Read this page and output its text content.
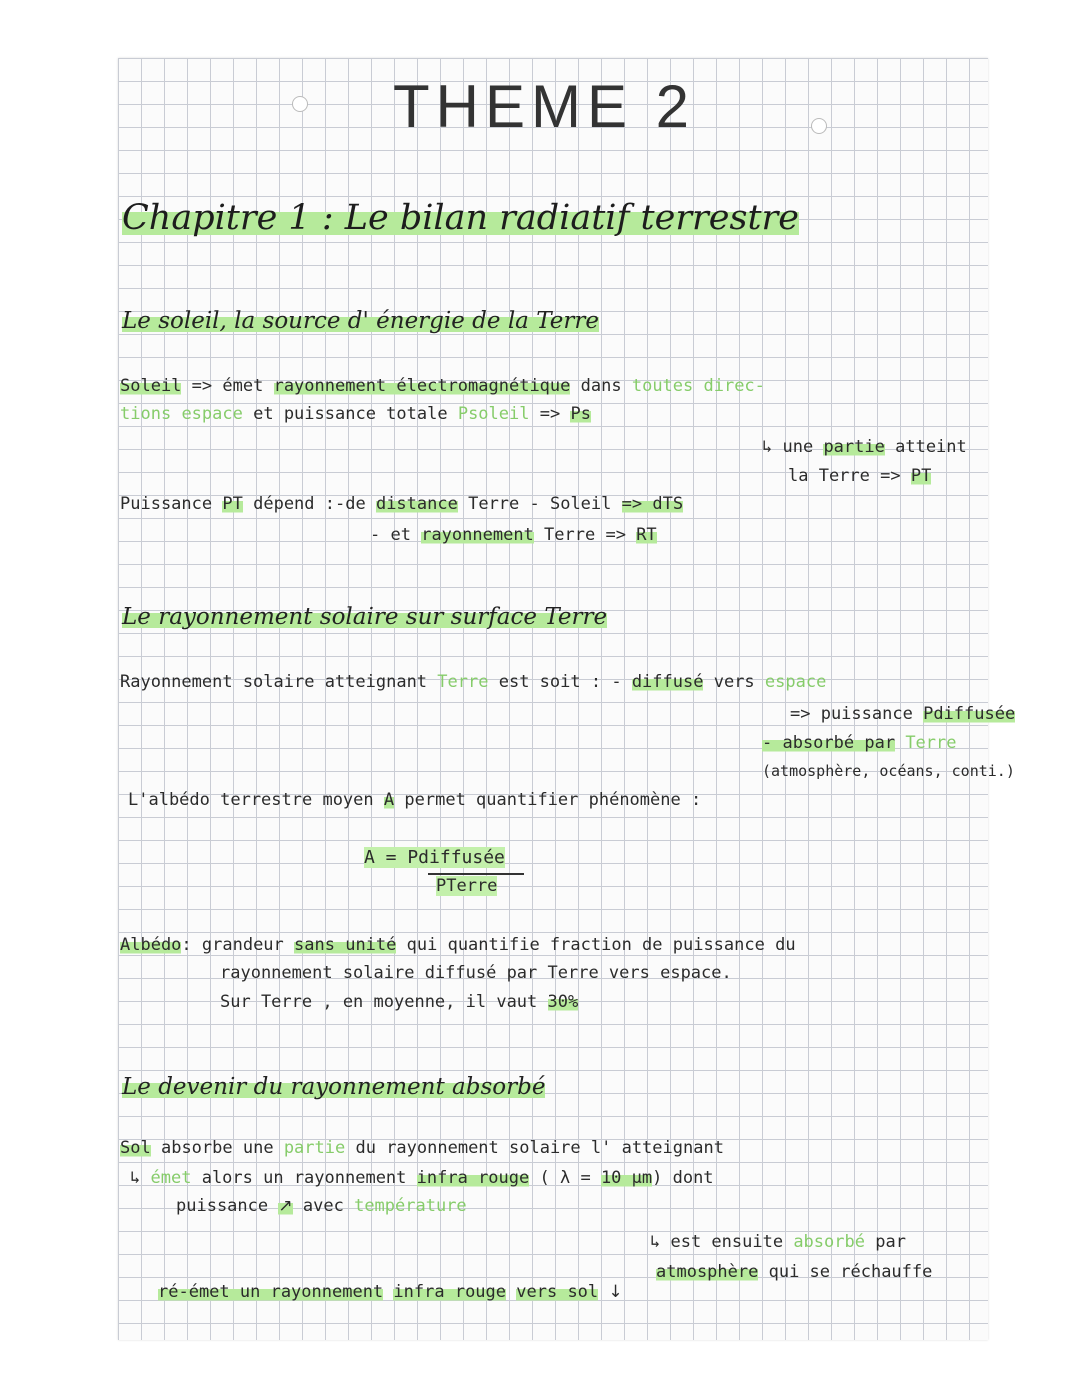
THEME 2
Chapitre 1 : Le bilan radiatif terrestre
Le soleil, la source d' énergie de la Terre
Soleil => émet rayonnement électromagnétique dans toutes direc-
tions espace et puissance totale Psoleil => Ps
↳ une partie atteint
la Terre => PT
Puissance PT dépend :-de distance Terre - Soleil => dTS
- et rayonnement Terre => RT
Le rayonnement solaire sur surface Terre
Rayonnement solaire atteignant Terre est soit : - diffusé vers espace
=> puissance Pdiffusée
- absorbé par Terre
(atmosphère, océans, conti.)
L'albédo terrestre moyen A permet quantifier phénomène :
A = Pdiffusée
PTerre
Albédo: grandeur sans unité qui quantifie fraction de puissance du
rayonnement solaire diffusé par Terre vers espace.
Sur Terre , en moyenne, il vaut 30%
Le devenir du rayonnement absorbé
Sol absorbe une partie du rayonnement solaire l' atteignant
↳ émet alors un rayonnement infra rouge ( λ = 10 μm) dont
puissance ↗ avec température
↳ est ensuite absorbé par
atmosphère qui se réchauffe
ré-émet un rayonnement infra rouge vers sol ↓
